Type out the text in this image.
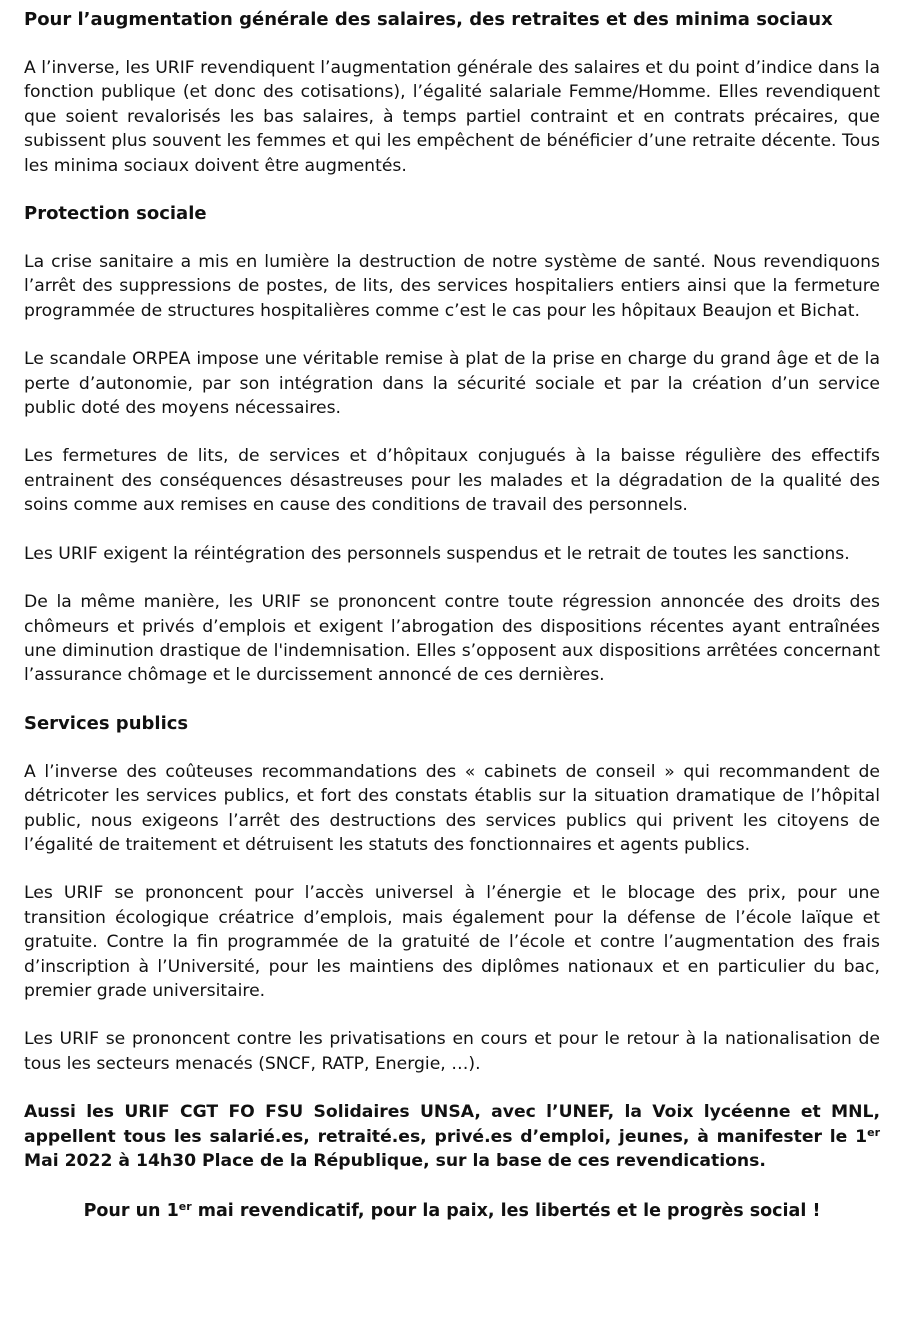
Pour l’augmentation générale des salaires, des retraites et des minima sociaux

A l’inverse, les URIF revendiquent l’augmentation générale des salaires et du point d’indice dans la fonction publique (et donc des cotisations), l’égalité salariale Femme/Homme. Elles revendiquent que soient revalorisés les bas salaires, à temps partiel contraint et en contrats précaires, que subissent plus souvent les femmes et qui les empêchent de bénéficier d’une retraite décente. Tous les minima sociaux doivent être augmentés.

Protection sociale

La crise sanitaire a mis en lumière la destruction de notre système de santé. Nous revendiquons l’arrêt des suppressions de postes, de lits, des services hospitaliers entiers ainsi que la fermeture programmée de structures hospitalières comme c’est le cas pour les hôpitaux Beaujon et Bichat.

Le scandale ORPEA impose une véritable remise à plat de la prise en charge du grand âge et de la perte d’autonomie, par son intégration dans la sécurité sociale et par la création d’un service public doté des moyens nécessaires.

Les fermetures de lits, de services et d’hôpitaux conjugués à la baisse régulière des effectifs entrainent des conséquences désastreuses pour les malades et la dégradation de la qualité des soins comme aux remises en cause des conditions de travail des personnels.

Les URIF exigent la réintégration des personnels suspendus et le retrait de toutes les sanctions.

De la même manière, les URIF se prononcent contre toute régression annoncée des droits des chômeurs et privés d’emplois et exigent l’abrogation des dispositions récentes ayant entraînées une diminution drastique de l'indemnisation. Elles s’opposent aux dispositions arrêtées concernant l’assurance chômage et le durcissement annoncé de ces dernières.

Services publics

A l’inverse des coûteuses recommandations des « cabinets de conseil » qui recommandent de détricoter les services publics, et fort des constats établis sur la situation dramatique de l’hôpital public, nous exigeons l’arrêt des destructions des services publics qui privent les citoyens de l’égalité de traitement et détruisent les statuts des fonctionnaires et agents publics.

Les URIF se prononcent pour l’accès universel à l’énergie et le blocage des prix, pour une transition écologique créatrice d’emplois, mais également pour la défense de l’école laïque et gratuite. Contre la fin programmée de la gratuité de l’école et contre l’augmentation des frais d’inscription à l’Université, pour les maintiens des diplômes nationaux et en particulier du bac, premier grade universitaire.

Les URIF se prononcent contre les privatisations en cours et pour le retour à la nationalisation de tous les secteurs menacés (SNCF, RATP, Energie, …).

Aussi les URIF CGT FO FSU Solidaires UNSA, avec l’UNEF, la Voix lycéenne et MNL, appellent tous les salarié.es, retraité.es, privé.es d’emploi, jeunes, à manifester le 1er Mai 2022 à 14h30 Place de la République, sur la base de ces revendications.

Pour un 1er mai revendicatif, pour la paix, les libertés et le progrès social !
